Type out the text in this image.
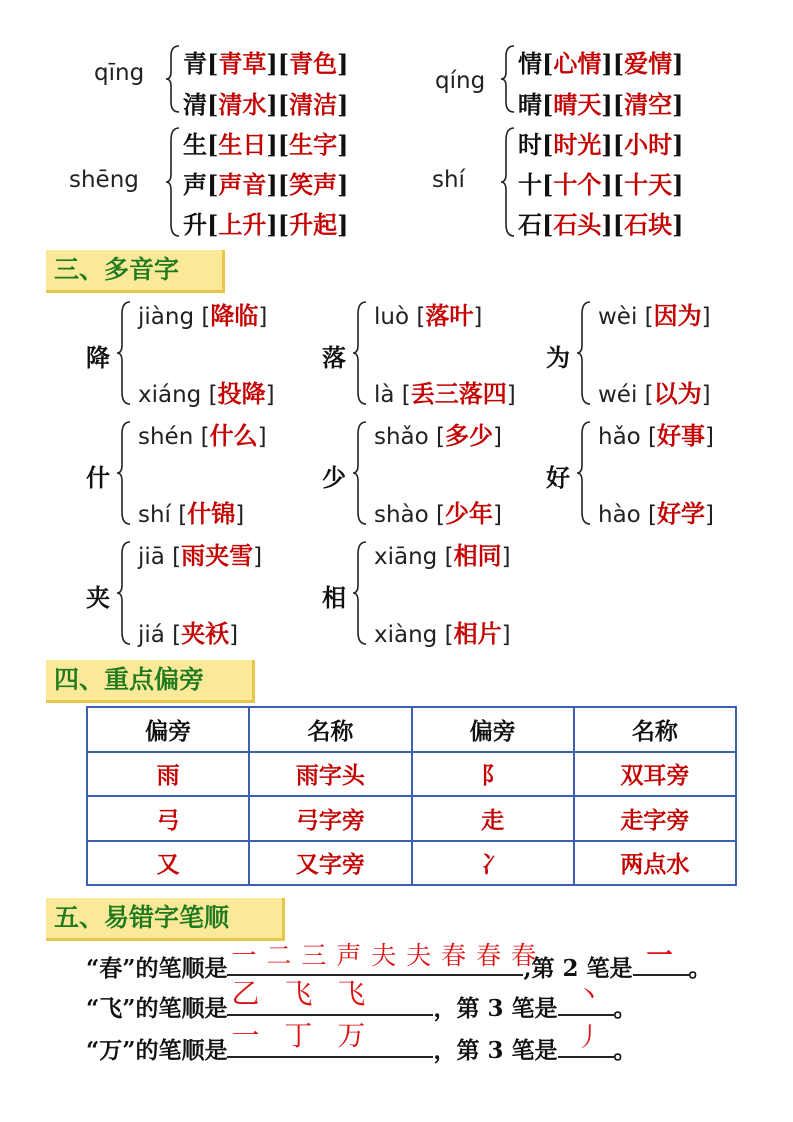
qīng 青[青草][青色]
清[清水][清洁]
qíng
情[心情][爱情]
晴[晴天][清空]
shēng
生[生日][生字]
声[声音][笑声]
升[上升][升起]
shí
时[时光][小时]
十[十个][十天]
石[石头][石块]
三、多音字
降
jiàng [降临]
xiáng [投降]
落
luò [落叶]
là [丢三落四]
为
wèi [因为]
wéi [以为]
什
shén [什么]
shí [什锦]
少
shǎo [多少]
shào [少年]
好
hǎo [好事]
hào [好学]
夹
jiā [雨夹雪]
jiá [夹袄]
相
xiāng [相同]
xiàng [相片]
四、重点偏旁
偏旁	名称	偏旁	名称
雨	雨字头	阝	双耳旁
弓	弓字旁	走	走字旁
又	又字旁	冫	两点水
五、易错字笔顺
“春”的笔顺是 一 二 三 声 夫 夫 春 春 春
,第 2 笔是 一 。
“飞”的笔顺是 乙 飞 飞	，第 3 笔是 丶 。
“万”的笔顺是 一 丁 万	，第 3 笔是 丿 。
